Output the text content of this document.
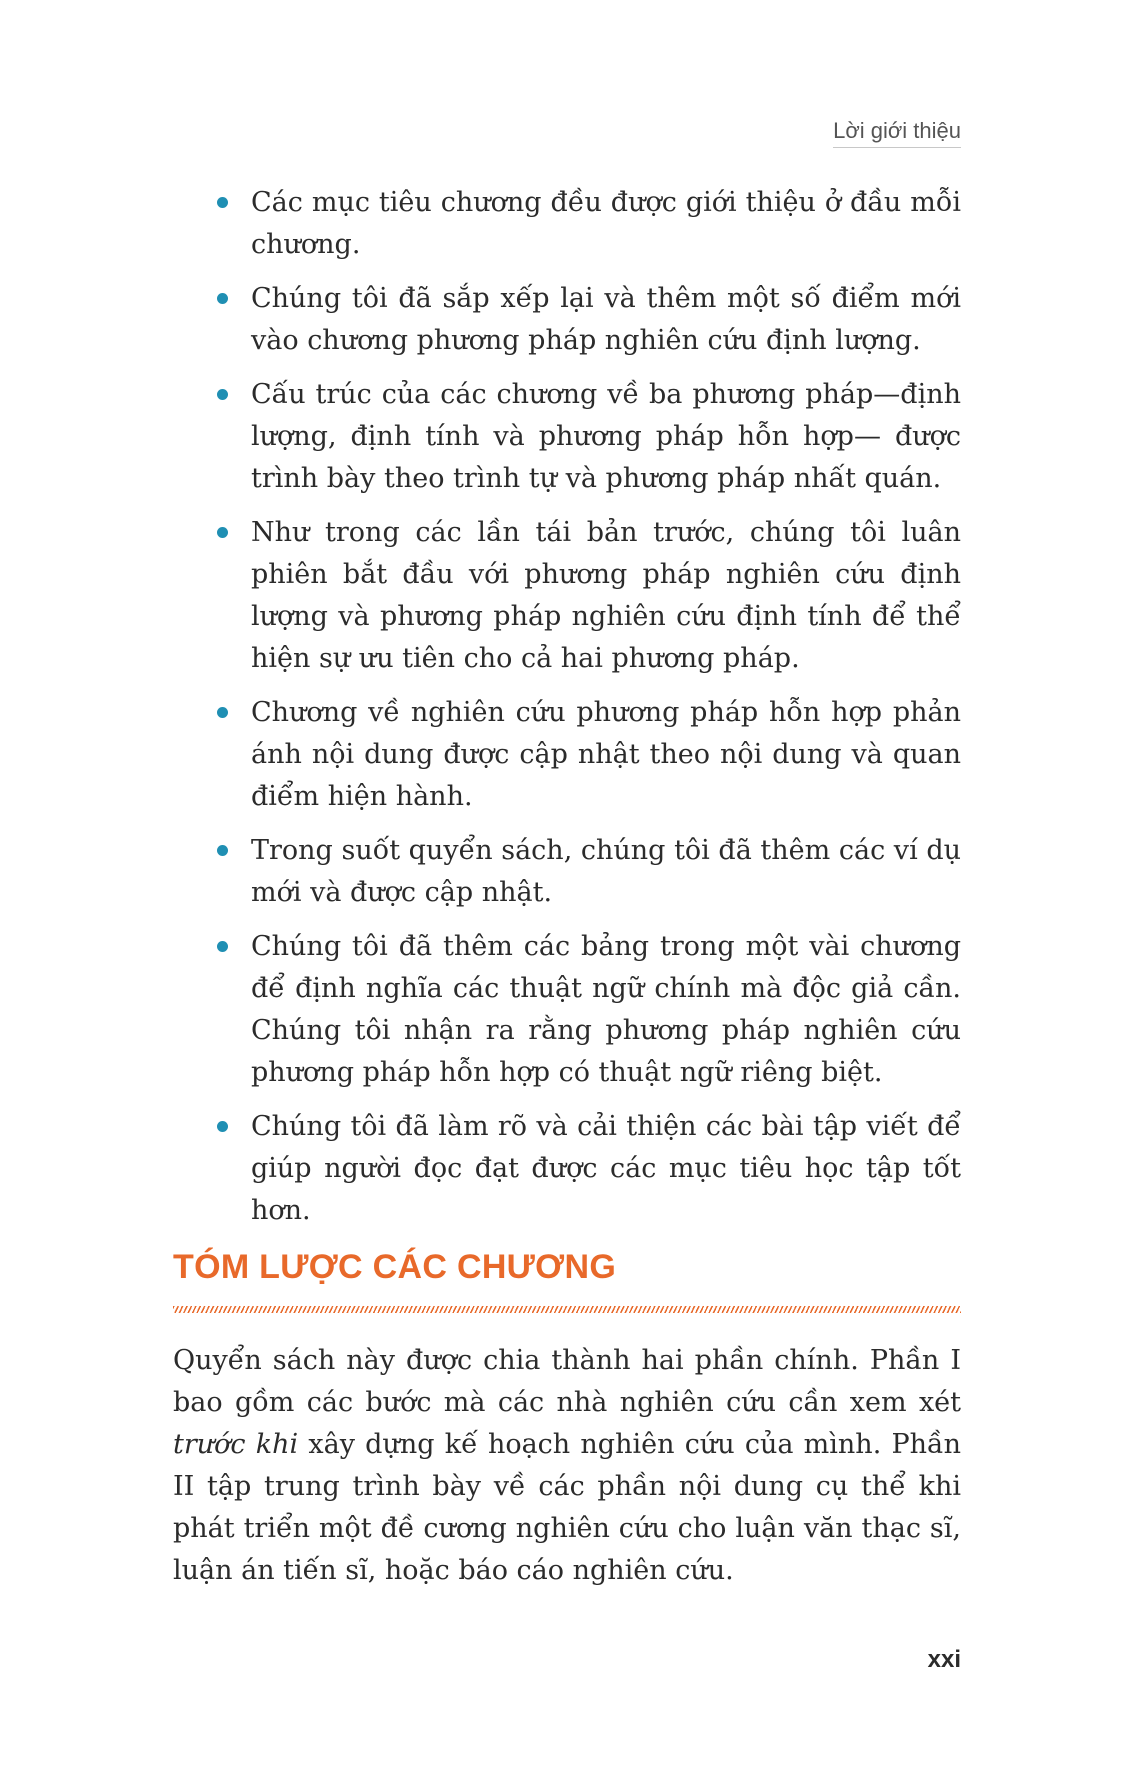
Lời giới thiệu
Các mục tiêu chương đều được giới thiệu ở đầu mỗi chương.
Chúng tôi đã sắp xếp lại và thêm một số điểm mới vào chương phương pháp nghiên cứu định lượng.
Cấu trúc của các chương về ba phương pháp—định lượng, định tính và phương pháp hỗn hợp— được trình bày theo trình tự và phương pháp nhất quán.
Như trong các lần tái bản trước, chúng tôi luân phiên bắt đầu với phương pháp nghiên cứu định lượng và phương pháp nghiên cứu định tính để thể hiện sự ưu tiên cho cả hai phương pháp.
Chương về nghiên cứu phương pháp hỗn hợp phản ánh nội dung được cập nhật theo nội dung và quan điểm hiện hành.
Trong suốt quyển sách, chúng tôi đã thêm các ví dụ mới và được cập nhật.
Chúng tôi đã thêm các bảng trong một vài chương để định nghĩa các thuật ngữ chính mà độc giả cần. Chúng tôi nhận ra rằng phương pháp nghiên cứu phương pháp hỗn hợp có thuật ngữ riêng biệt.
Chúng tôi đã làm rõ và cải thiện các bài tập viết để giúp người đọc đạt được các mục tiêu học tập tốt hơn.
TÓM LƯỢC CÁC CHƯƠNG

Quyển sách này được chia thành hai phần chính. Phần I bao gồm các bước mà các nhà nghiên cứu cần xem xét trước khi xây dựng kế hoạch nghiên cứu của mình. Phần II tập trung trình bày về các phần nội dung cụ thể khi phát triển một đề cương nghiên cứu cho luận văn thạc sĩ, luận án tiến sĩ, hoặc báo cáo nghiên cứu.

xxi
